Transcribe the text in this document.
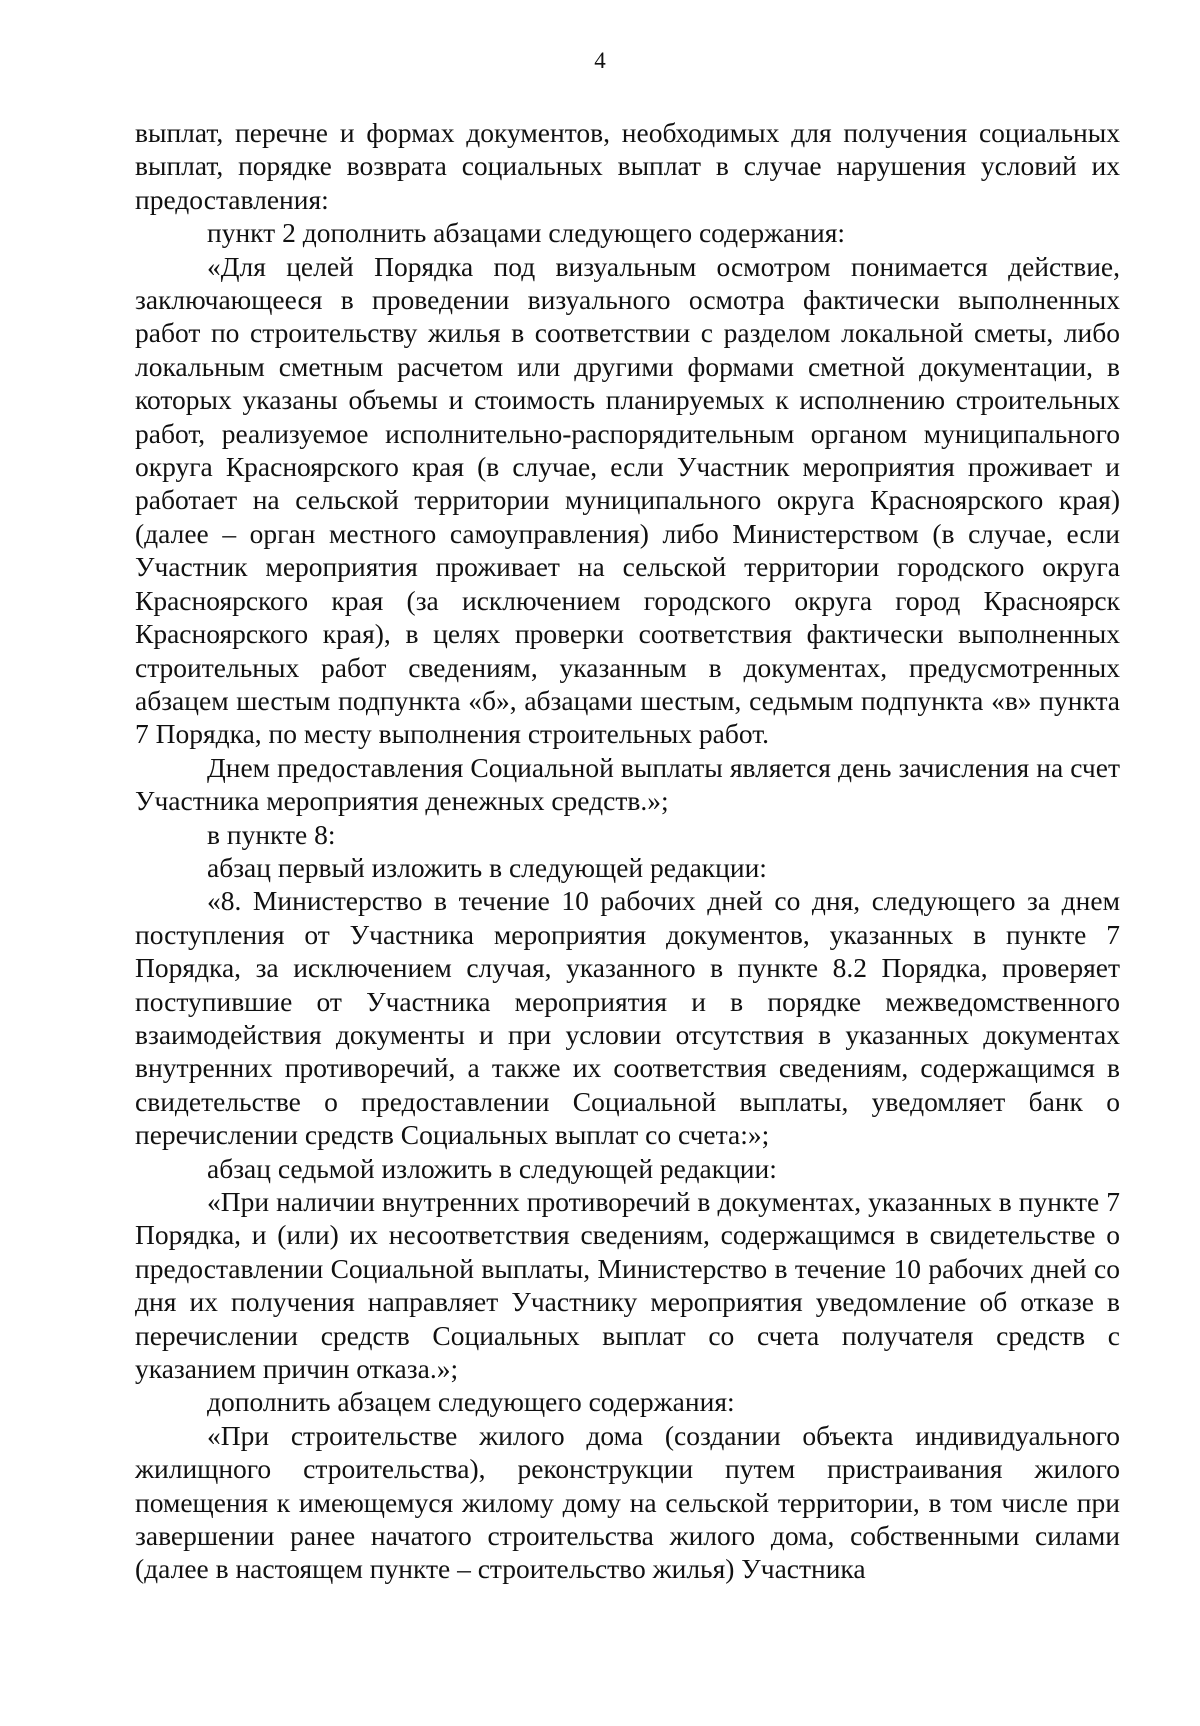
4

выплат, перечне и формах документов, необходимых для получения социальных выплат, порядке возврата социальных выплат в случае нарушения условий их предоставления:

пункт 2 дополнить абзацами следующего содержания:

«Для целей Порядка под визуальным осмотром понимается действие, заключающееся в проведении визуального осмотра фактически выполненных работ по строительству жилья в соответствии с разделом локальной сметы, либо локальным сметным расчетом или другими формами сметной документации, в которых указаны объемы и стоимость планируемых к исполнению строительных работ, реализуемое исполнительно-распорядительным органом муниципального округа Красноярского края (в случае, если Участник мероприятия проживает и работает на сельской территории муниципального округа Красноярского края) (далее – орган местного самоуправления) либо Министерством (в случае, если Участник мероприятия проживает на сельской территории городского округа Красноярского края (за исключением городского округа город Красноярск Красноярского края), в целях проверки соответствия фактически выполненных строительных работ сведениям, указанным в документах, предусмотренных абзацем шестым подпункта «б», абзацами шестым, седьмым подпункта «в» пункта 7 Порядка, по месту выполнения строительных работ.

Днем предоставления Социальной выплаты является день зачисления на счет Участника мероприятия денежных средств.»;

в пункте 8:

абзац первый изложить в следующей редакции:

«8. Министерство в течение 10 рабочих дней со дня, следующего за днем поступления от Участника мероприятия документов, указанных в пункте 7 Порядка, за исключением случая, указанного в пункте 8.2 Порядка, проверяет поступившие от Участника мероприятия и в порядке межведомственного взаимодействия документы и при условии отсутствия в указанных документах внутренних противоречий, а также их соответствия сведениям, содержащимся в свидетельстве о предоставлении Социальной выплаты, уведомляет банк о перечислении средств Социальных выплат со счета:»;

абзац седьмой изложить в следующей редакции:

«При наличии внутренних противоречий в документах, указанных в пункте 7 Порядка, и (или) их несоответствия сведениям, содержащимся в свидетельстве о предоставлении Социальной выплаты, Министерство в течение 10 рабочих дней со дня их получения направляет Участнику мероприятия уведомление об отказе в перечислении средств Социальных выплат со счета получателя средств с указанием причин отказа.»;

дополнить абзацем следующего содержания:

«При строительстве жилого дома (создании объекта индивидуального жилищного строительства), реконструкции путем пристраивания жилого помещения к имеющемуся жилому дому на сельской территории, в том числе при завершении ранее начатого строительства жилого дома, собственными силами (далее в настоящем пункте – строительство жилья) Участника
